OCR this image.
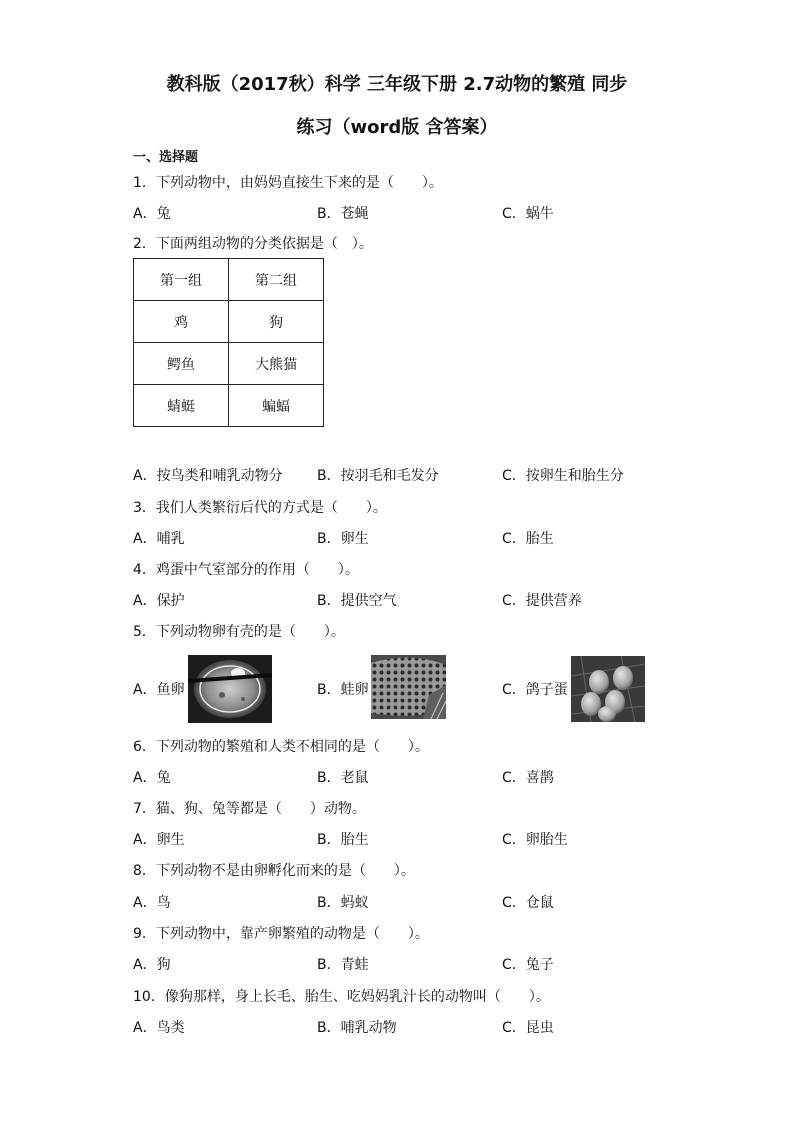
教科版（2017秋）科学 三年级下册 2.7动物的繁殖 同步
练习（word版 含答案）
一、选择题
1．下列动物中，由妈妈直接生下来的是（　　）。
A．兔	B．苍蝇	C．蜗牛
2．下面两组动物的分类依据是（　）。
第一组	第二组
鸡	狗
鳄鱼	大熊猫
蜻蜓	蝙蝠
A．按鸟类和哺乳动物分 B．按羽毛和毛发分	C．按卵生和胎生分
3．我们人类繁衍后代的方式是（　　）。
A．哺乳	B．卵生	C．胎生
4．鸡蛋中气室部分的作用（　　）。
A．保护	B．提供空气	C．提供营养
5．下列动物卵有壳的是（　　）。
A．鱼卵	B．蛙卵	C．鸽子蛋
6．下列动物的繁殖和人类不相同的是（　　）。
A．兔	B．老鼠	C．喜鹊
7．猫、狗、兔等都是（　　）动物。
A．卵生	B．胎生	C．卵胎生
8．下列动物不是由卵孵化而来的是（　　）。
A．鸟	B．蚂蚁	C．仓鼠
9．下列动物中，靠产卵繁殖的动物是（　　）。
A．狗	B．青蛙	C．兔子
10．像狗那样，身上长毛、胎生、吃妈妈乳汁长的动物叫（　　）。
A．鸟类	B．哺乳动物	C．昆虫
